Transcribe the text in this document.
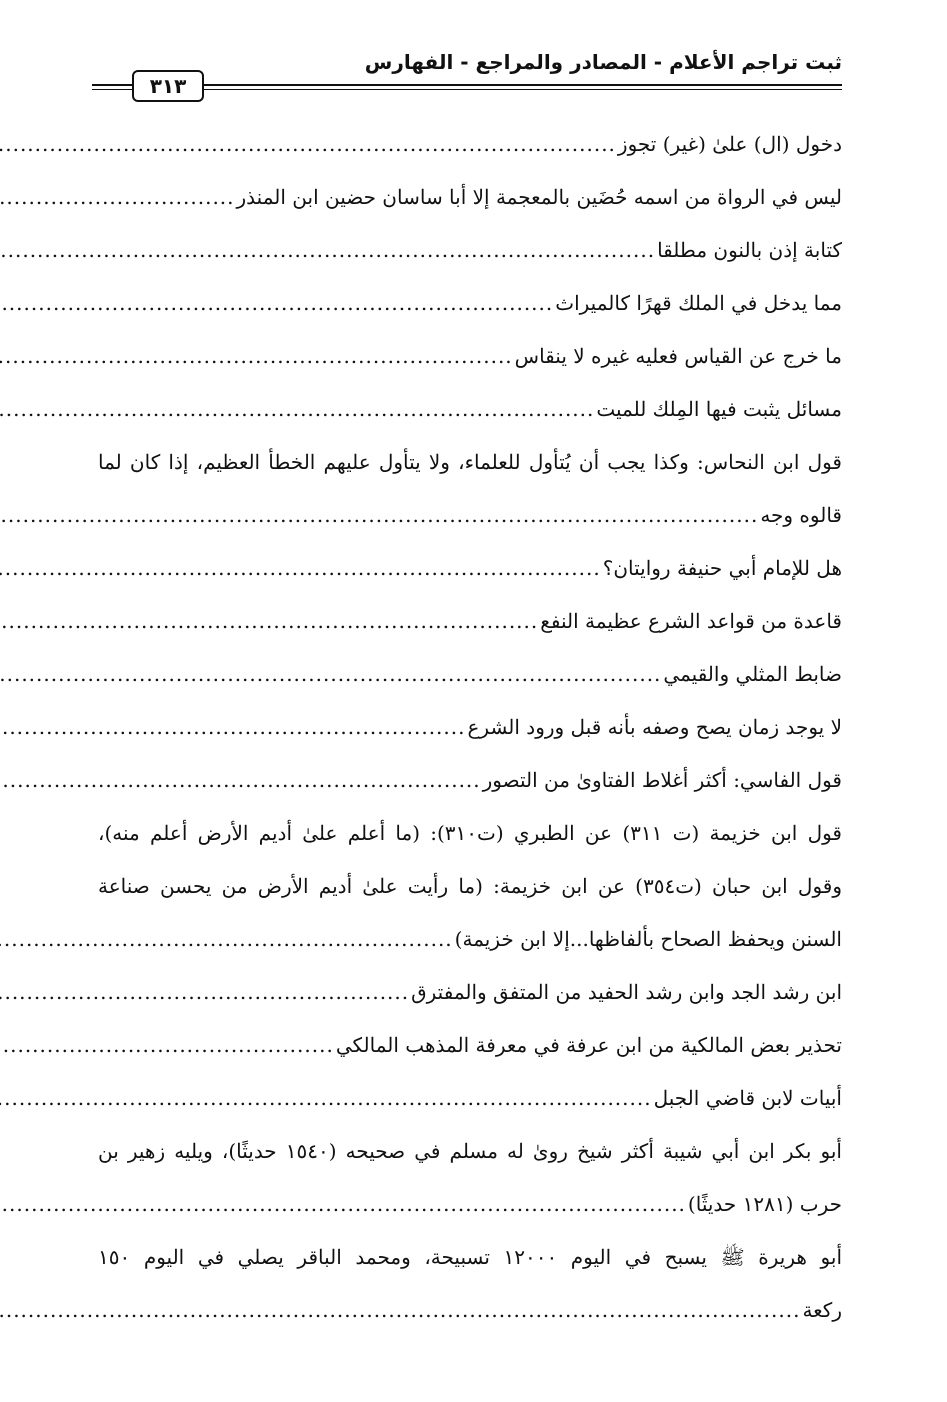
ثبت تراجم الأعلام - المصادر والمراجع - الفهارس
٣١٣
دخول (ال) علىٰ (غير) تجوز
.....
ليس في الرواة من اسمه حُضَين بالمعجمة إلا أبا ساسان حضين ابن المنذر
.....
كتابة إذن بالنون مطلقا
.....
مما يدخل في الملك قهرًا كالميراث
.....
ما خرج عن القياس فعليه غيره لا ينقاس
.....
مسائل يثبت فيها المِلك للميت
.....
قول ابن النحاس: وكذا يجب أن يُتأول للعلماء، ولا يتأول عليهم الخطأ العظيم، إذا كان لما
قالوه وجه
.....
هل للإمام أبي حنيفة روايتان؟
.....
قاعدة من قواعد الشرع عظيمة النفع
.....
ضابط المثلي والقيمي
.....
لا يوجد زمان يصح وصفه بأنه قبل ورود الشرع
.....
قول الفاسي: أكثر أغلاط الفتاوىٰ من التصور
.....
قول ابن خزيمة (ت ٣١١) عن الطبري (ت٣١٠): (ما أعلم علىٰ أديم الأرض أعلم منه)،
وقول ابن حبان (ت٣٥٤) عن ابن خزيمة: (ما رأيت علىٰ أديم الأرض من يحسن صناعة
السنن ويحفظ الصحاح بألفاظها...إلا ابن خزيمة)
.....
ابن رشد الجد وابن رشد الحفيد من المتفق والمفترق
.....
تحذير بعض المالكية من ابن عرفة في معرفة المذهب المالكي
.....
أبيات لابن قاضي الجبل
.....
أبو بكر ابن أبي شيبة أكثر شيخ روىٰ له مسلم في صحيحه (١٥٤٠ حديثًا)، ويليه زهير بن
حرب (١٢٨١ حديثًا)
.....
أبو هريرة ﷺ يسبح في اليوم ١٢٠٠٠ تسبيحة، ومحمد الباقر يصلي في اليوم ١٥٠
ركعة
.....
